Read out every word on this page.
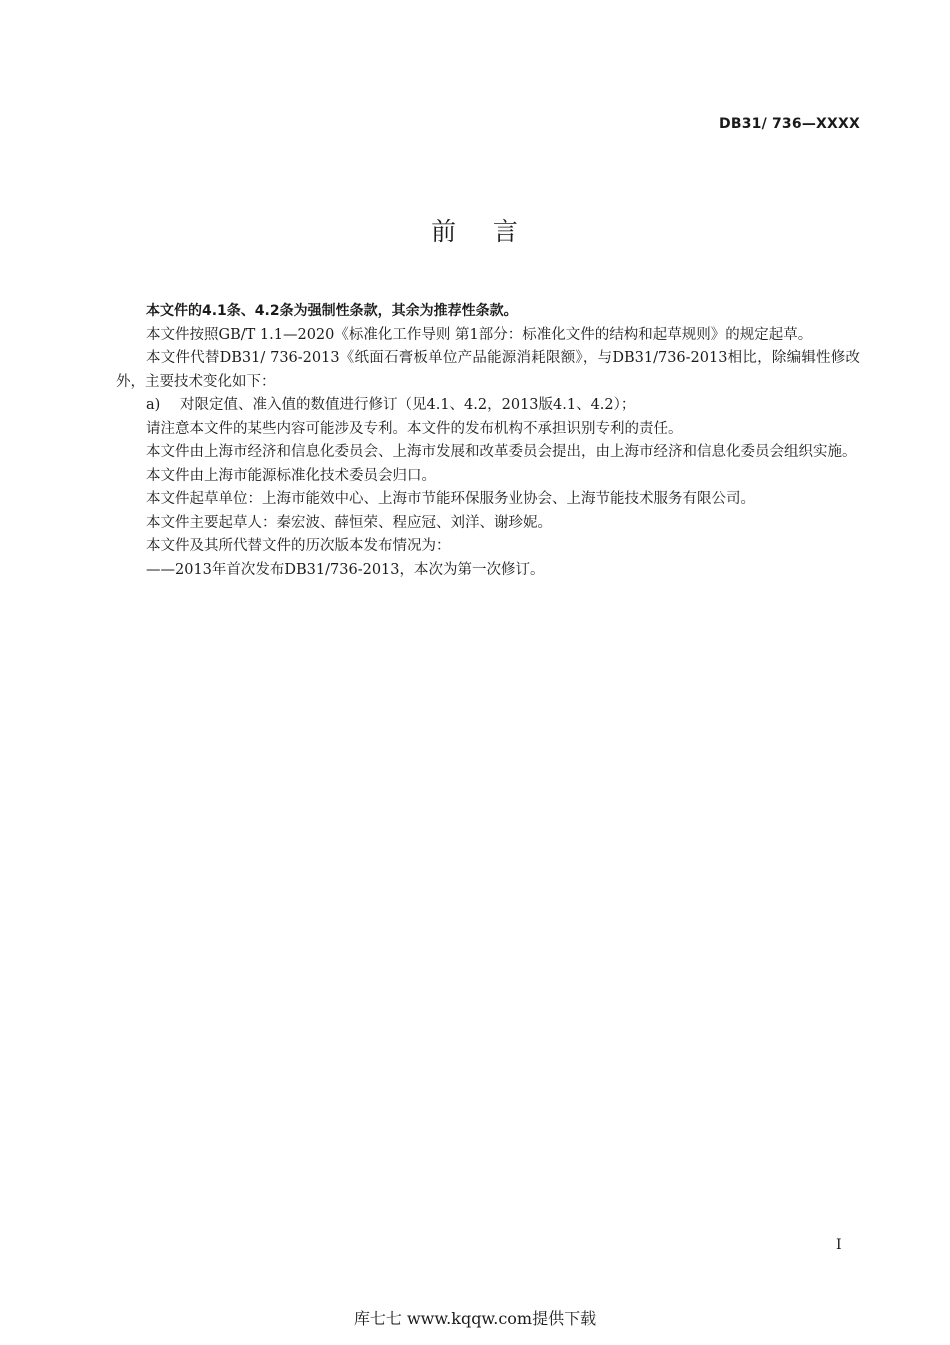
DB31/ 736—XXXX
前    言

本文件的4.1条、4.2条为强制性条款，其余为推荐性条款。

本文件按照GB/T 1.1—2020《标准化工作导则 第1部分：标准化文件的结构和起草规则》的规定起草。

本文件代替DB31/ 736-2013《纸面石膏板单位产品能源消耗限额》，与DB31/736-2013相比，除编辑性修改外，主要技术变化如下：

a) 对限定值、准入值的数值进行修订（见4.1、4.2，2013版4.1、4.2）；

请注意本文件的某些内容可能涉及专利。本文件的发布机构不承担识别专利的责任。

本文件由上海市经济和信息化委员会、上海市发展和改革委员会提出，由上海市经济和信息化委员会组织实施。

本文件由上海市能源标准化技术委员会归口。

本文件起草单位：上海市能效中心、上海市节能环保服务业协会、上海节能技术服务有限公司。

本文件主要起草人：秦宏波、薛恒荣、程应冠、刘洋、谢珍妮。

本文件及其所代替文件的历次版本发布情况为：

——2013年首次发布DB31/736-2013，本次为第一次修订。

I
库七七 www.kqqw.com提供下载
